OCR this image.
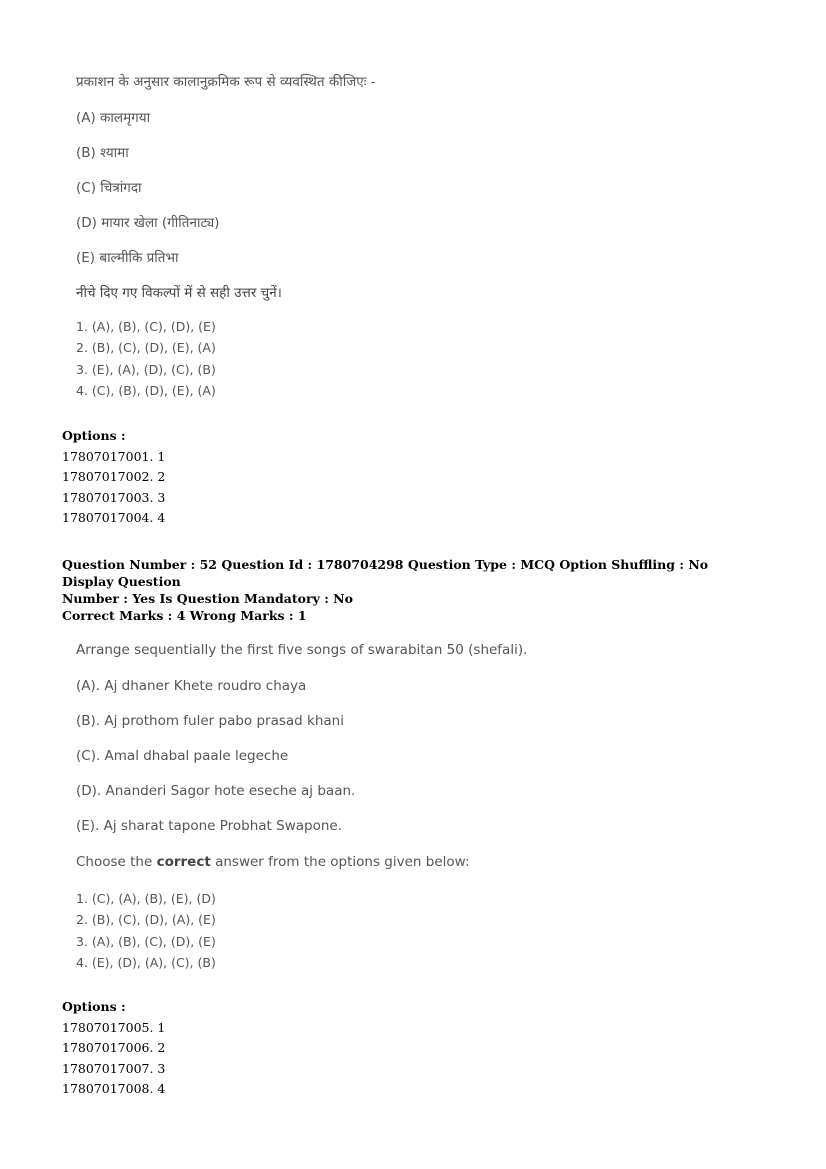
प्रकाशन के अनुसार कालानुक्रमिक रूप से व्यवस्थित कीजिएः -
(A) कालमृगया
(B) श्यामा
(C) चित्रांगदा
(D) मायार खेला (गीतिनाट्य)
(E) बाल्मीकि प्रतिभा
नीचे दिए गए विकल्पों में से सही उत्तर चुनें।
1. (A), (B), (C), (D), (E)
2. (B), (C), (D), (E), (A)
3. (E), (A), (D), (C), (B)
4. (C), (B), (D), (E), (A)
Options :
17807017001. 1
17807017002. 2
17807017003. 3
17807017004. 4
Question Number : 52 Question Id : 1780704298 Question Type : MCQ Option Shuffling : No Display Question
Number : Yes Is Question Mandatory : No
Correct Marks : 4 Wrong Marks : 1
Arrange sequentially the first five songs of swarabitan 50 (shefali).
(A). Aj dhaner Khete roudro chaya
(B). Aj prothom fuler pabo prasad khani
(C). Amal dhabal paale legeche
(D). Ananderi Sagor hote eseche aj baan.
(E). Aj sharat tapone Probhat Swapone.
Choose the correct answer from the options given below:
1. (C), (A), (B), (E), (D)
2. (B), (C), (D), (A), (E)
3. (A), (B), (C), (D), (E)
4. (E), (D), (A), (C), (B)
Options :
17807017005. 1
17807017006. 2
17807017007. 3
17807017008. 4
